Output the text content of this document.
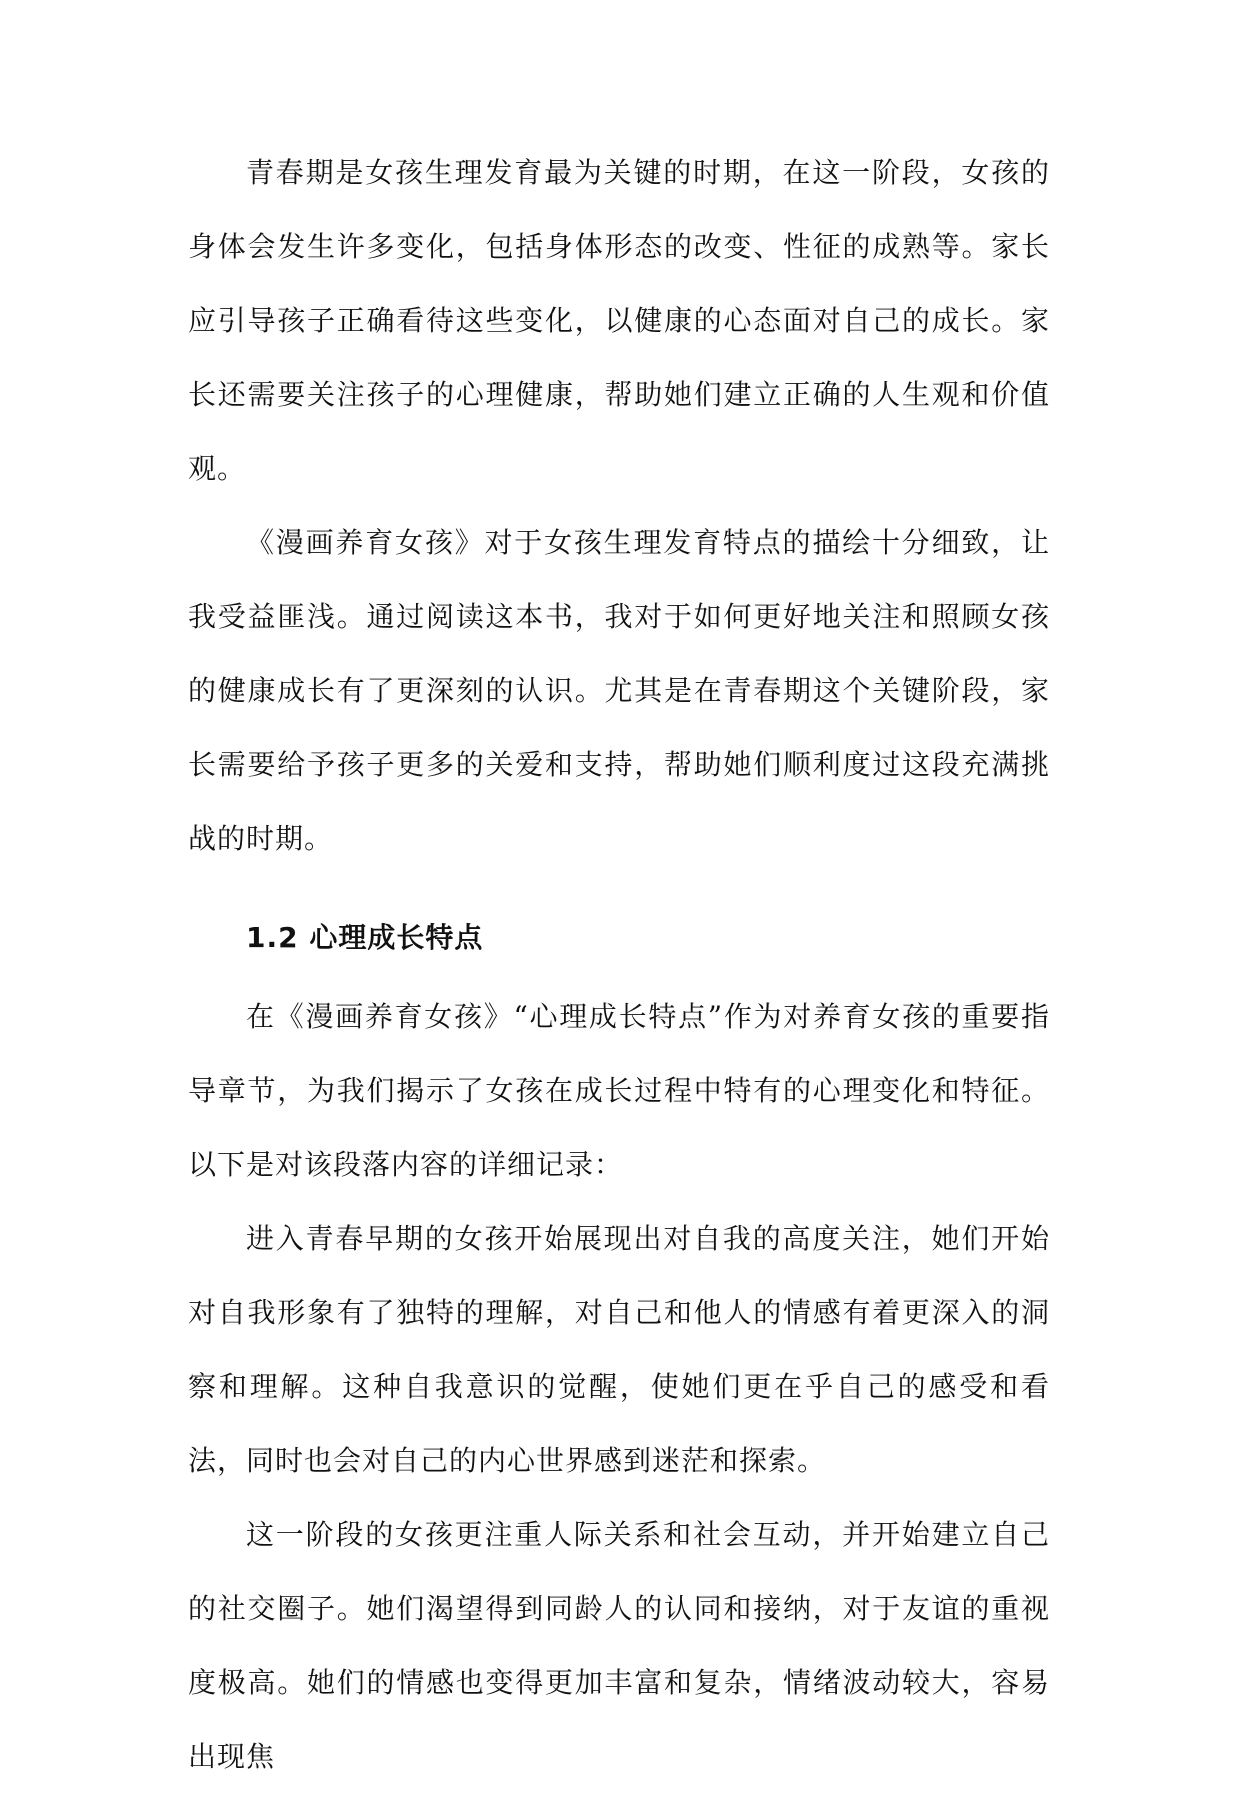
青春期是女孩生理发育最为关键的时期，在这一阶段，女孩的身体会发生许多变化，包括身体形态的改变、性征的成熟等。家长应引导孩子正确看待这些变化，以健康的心态面对自己的成长。家长还需要关注孩子的心理健康，帮助她们建立正确的人生观和价值观。

《漫画养育女孩》对于女孩生理发育特点的描绘十分细致，让我受益匪浅。通过阅读这本书，我对于如何更好地关注和照顾女孩的健康成长有了更深刻的认识。尤其是在青春期这个关键阶段，家长需要给予孩子更多的关爱和支持，帮助她们顺利度过这段充满挑战的时期。

1.2 心理成长特点

在《漫画养育女孩》“心理成长特点”作为对养育女孩的重要指导章节，为我们揭示了女孩在成长过程中特有的心理变化和特征。以下是对该段落内容的详细记录：

进入青春早期的女孩开始展现出对自我的高度关注，她们开始对自我形象有了独特的理解，对自己和他人的情感有着更深入的洞察和理解。这种自我意识的觉醒，使她们更在乎自己的感受和看法，同时也会对自己的内心世界感到迷茫和探索。

这一阶段的女孩更注重人际关系和社会互动，并开始建立自己的社交圈子。她们渴望得到同龄人的认同和接纳，对于友谊的重视度极高。她们的情感也变得更加丰富和复杂，情绪波动较大，容易出现焦
